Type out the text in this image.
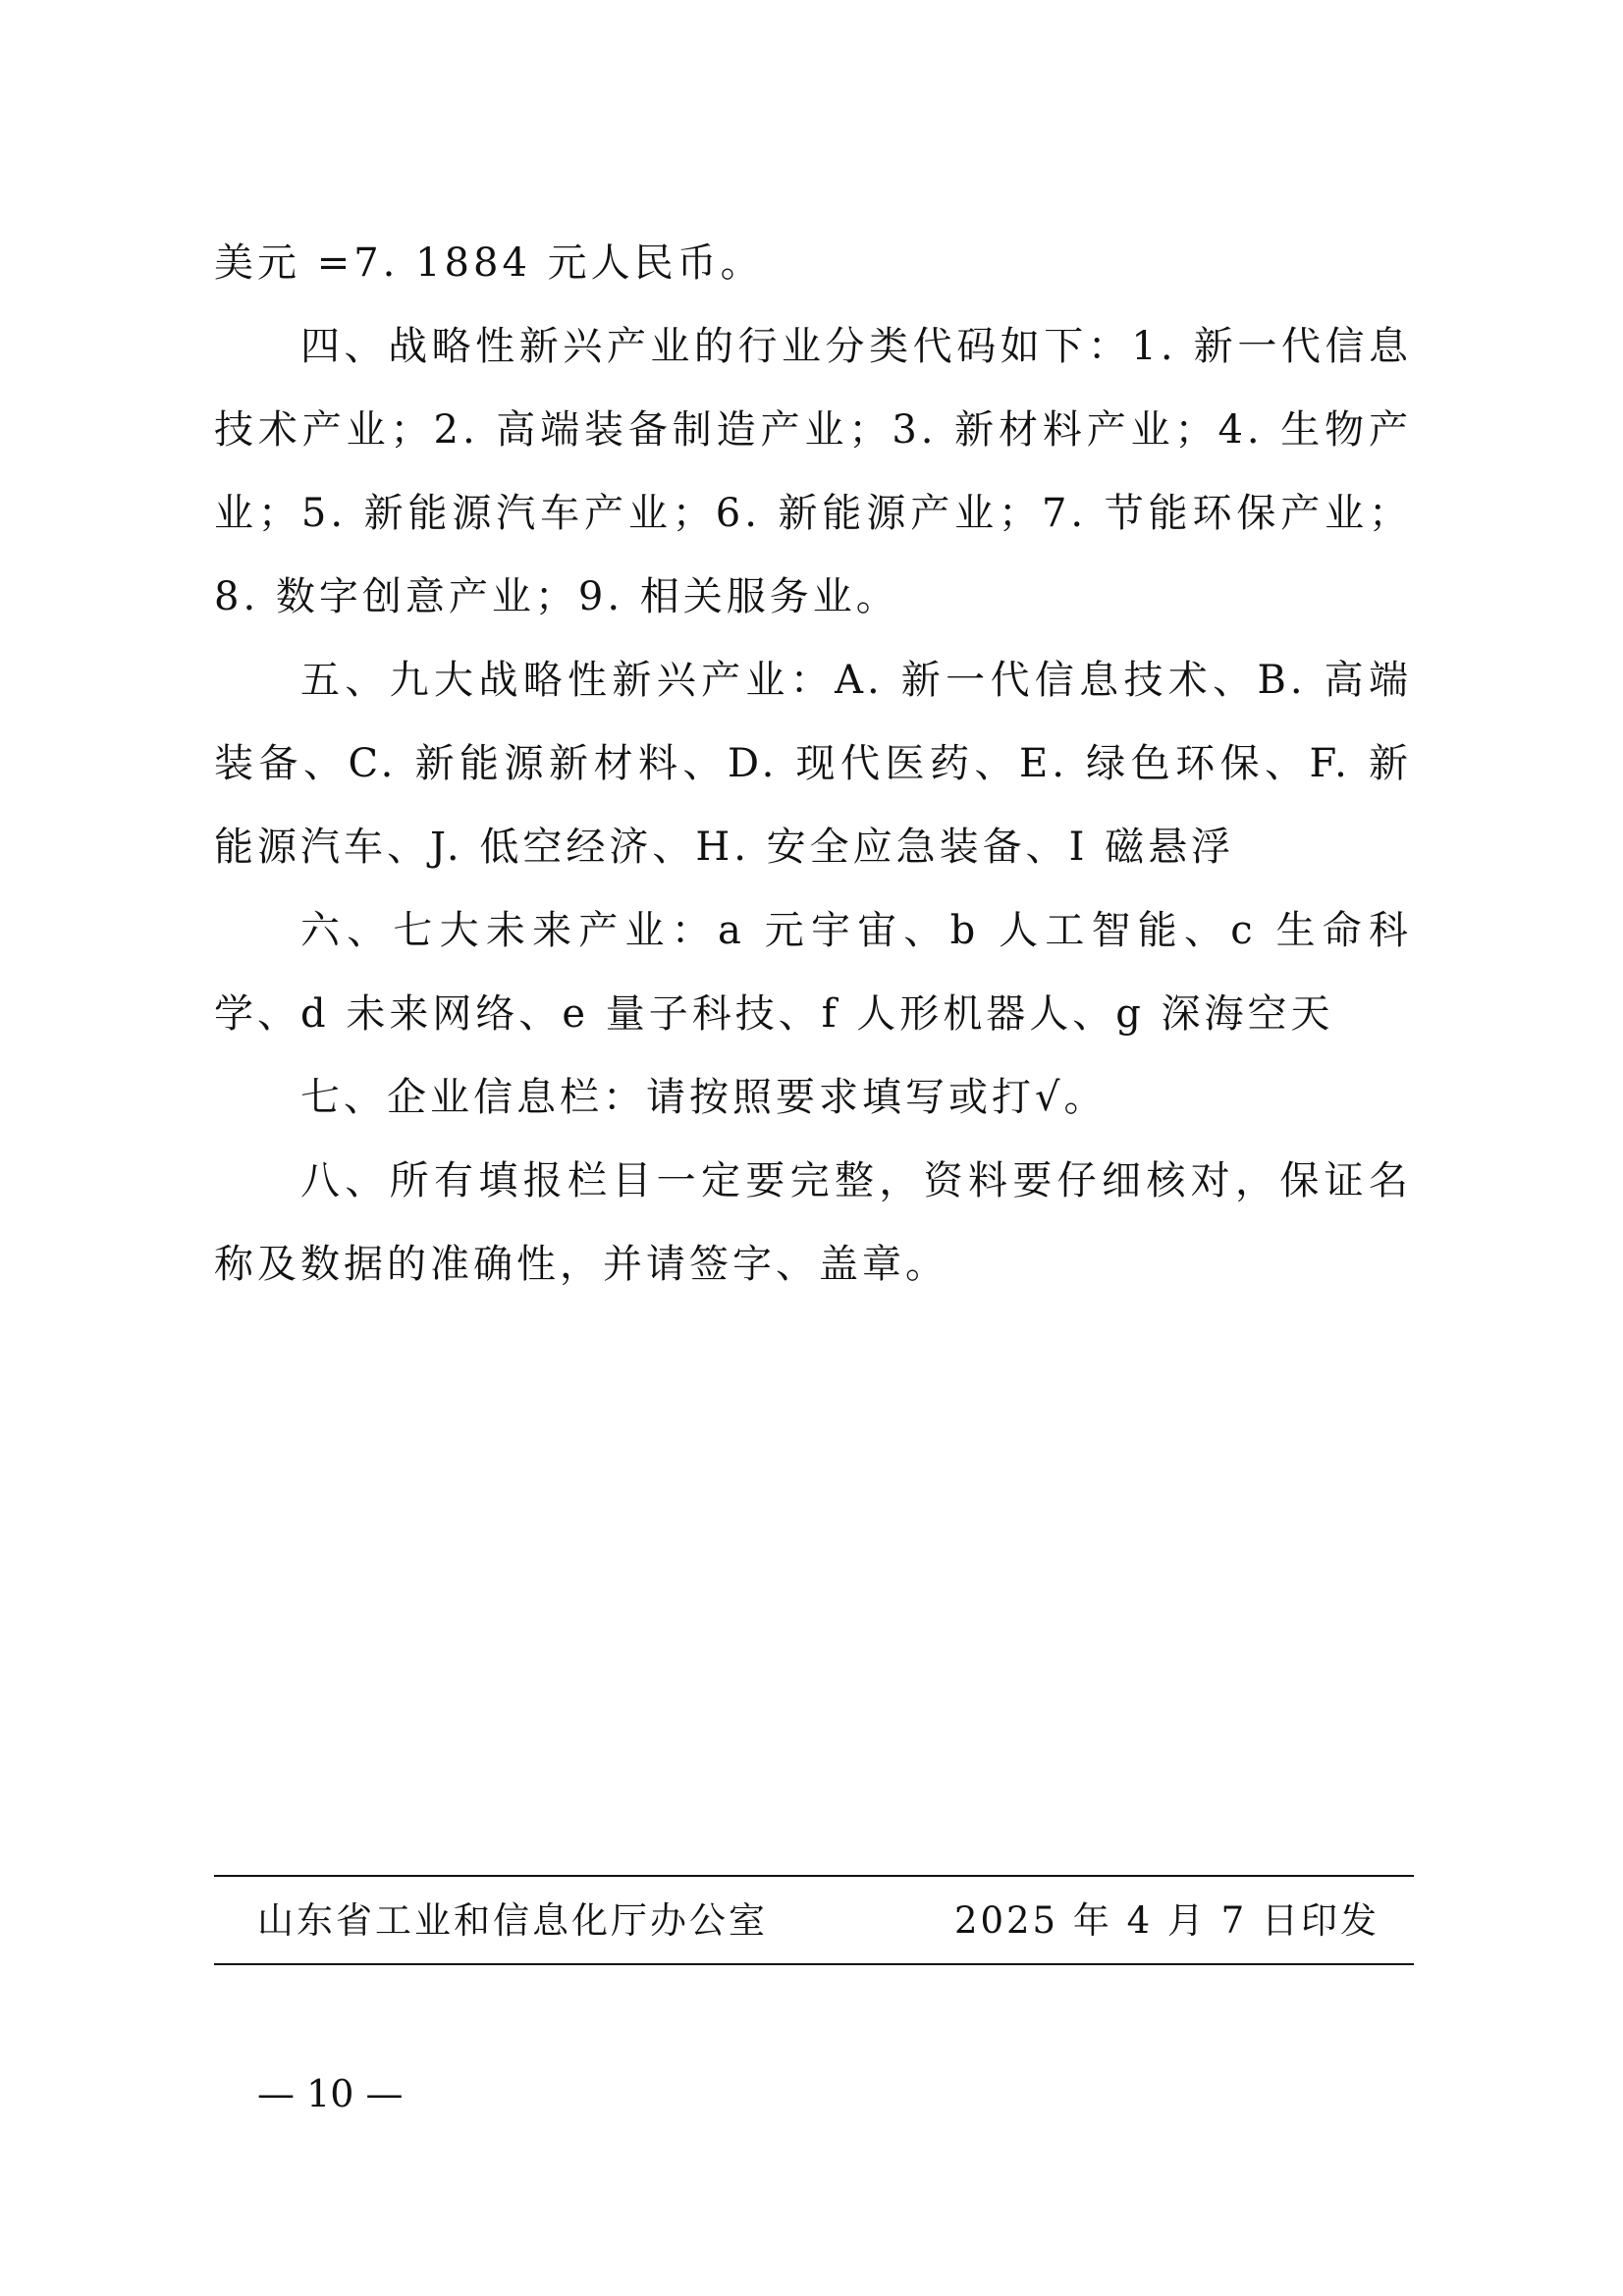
美元 =7. 1884 元人民币。

四、战略性新兴产业的行业分类代码如下：1. 新一代信息技术产业；2. 高端装备制造产业；3. 新材料产业；4. 生物产业；5. 新能源汽车产业；6. 新能源产业；7. 节能环保产业；8. 数字创意产业；9. 相关服务业。

五、九大战略性新兴产业：A. 新一代信息技术、B. 高端装备、C. 新能源新材料、D. 现代医药、E. 绿色环保、F. 新能源汽车、J. 低空经济、H. 安全应急装备、I 磁悬浮

六、七大未来产业：a 元宇宙、b 人工智能、c 生命科学、d 未来网络、e 量子科技、f 人形机器人、g 深海空天

七、企业信息栏：请按照要求填写或打√。

八、所有填报栏目一定要完整，资料要仔细核对，保证名称及数据的准确性，并请签字、盖章。

山东省工业和信息化厅办公室	2025 年 4 月 7 日印发
— 10 —
